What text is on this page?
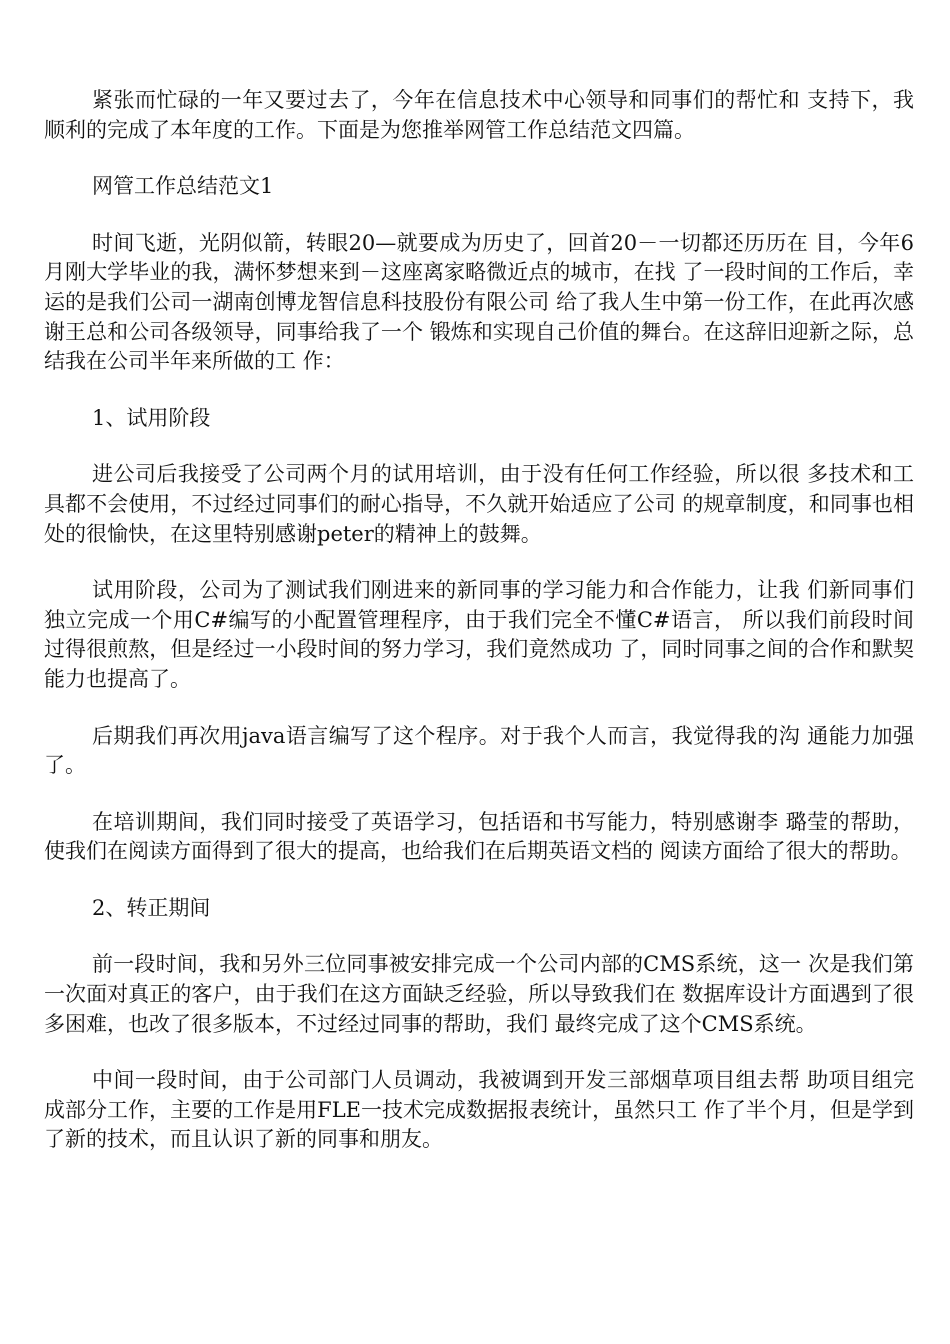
紧张而忙碌的一年又要过去了，今年在信息技术中心领导和同事们的帮忙和 支持下，我顺利的完成了本年度的工作。下面是为您推举网管工作总结范文四篇。

网管工作总结范文1

时间飞逝，光阴似箭，转眼20—就要成为历史了，回首20－一切都还历历在 目，今年6月刚大学毕业的我，满怀梦想来到－这座离家略微近点的城市，在找 了一段时间的工作后，幸运的是我们公司一湖南创博龙智信息科技股份有限公司 给了我人生中第一份工作，在此再次感谢王总和公司各级领导，同事给我了一个 锻炼和实现自己价值的舞台。在这辞旧迎新之际，总结我在公司半年来所做的工 作：

1、试用阶段

进公司后我接受了公司两个月的试用培训，由于没有任何工作经验，所以很 多技术和工具都不会使用，不过经过同事们的耐心指导，不久就开始适应了公司 的规章制度，和同事也相处的很愉快，在这里特别感谢peter的精神上的鼓舞。

试用阶段，公司为了测试我们刚进来的新同事的学习能力和合作能力，让我 们新同事们独立完成一个用C#编写的小配置管理程序，由于我们完全不懂C#语言， 所以我们前段时间过得很煎熬，但是经过一小段时间的努力学习，我们竟然成功 了，同时同事之间的合作和默契能力也提高了。

后期我们再次用java语言编写了这个程序。对于我个人而言，我觉得我的沟 通能力加强了。

在培训期间，我们同时接受了英语学习，包括语和书写能力，特别感谢李 璐莹的帮助，使我们在阅读方面得到了很大的提高，也给我们在后期英语文档的 阅读方面给了很大的帮助。

2、转正期间

前一段时间，我和另外三位同事被安排完成一个公司内部的CMS系统，这一 次是我们第一次面对真正的客户，由于我们在这方面缺乏经验，所以导致我们在 数据库设计方面遇到了很多困难，也改了很多版本，不过经过同事的帮助，我们 最终完成了这个CMS系统。

中间一段时间，由于公司部门人员调动，我被调到开发三部烟草项目组去帮 助项目组完成部分工作，主要的工作是用FLE一技术完成数据报表统计，虽然只工 作了半个月，但是学到了新的技术，而且认识了新的同事和朋友。
